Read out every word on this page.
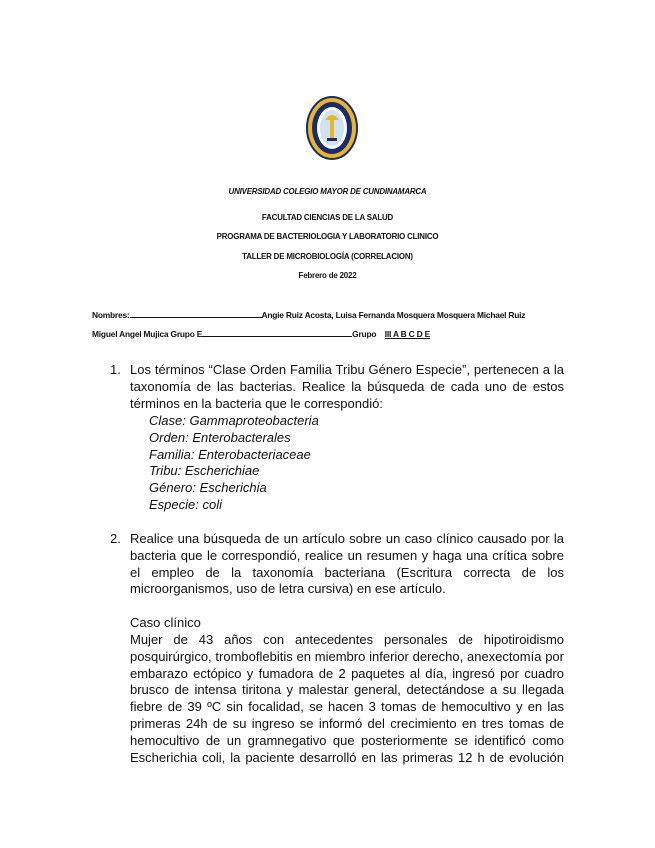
UNIVERSIDAD COLEGIO MAYOR DE CUNDINAMARCA
FACULTAD CIENCIAS DE LA SALUD
PROGRAMA DE BACTERIOLOGIA Y LABORATORIO CLINICO
TALLER DE MICROBIOLOGÍA (CORRELACION)
Febrero de 2022
Nombres:	Angie Ruiz Acosta, Luisa Fernanda Mosquera Mosquera Michael Ruiz
Miguel Angel Mujica Grupo E	Grupo III A B C D E
1. Los términos “Clase Orden Familia Tribu Género Especie”, pertenecen a la taxonomía de las bacterias. Realice la búsqueda de cada uno de estos términos en la bacteria que le correspondió:
Clase: Gammaproteobacteria
Orden: Enterobacterales
Familia: Enterobacteriaceae
Tribu: Escherichiae
Género: Escherichia
Especie: coli
2. Realice una búsqueda de un artículo sobre un caso clínico causado por la bacteria que le correspondió, realice un resumen y haga una crítica sobre el empleo de la taxonomía bacteriana (Escritura correcta de los microorganismos, uso de letra cursiva) en ese artículo.
Caso clínico
Mujer de 43 años con antecedentes personales de hipotiroidismo posquirúrgico, tromboflebitis en miembro inferior derecho, anexectomía por embarazo ectópico y fumadora de 2 paquetes al día, ingresó por cuadro brusco de intensa tiritona y malestar general, detectándose a su llegada fiebre de 39 ºC sin focalidad, se hacen 3 tomas de hemocultivo y en las primeras 24h de su ingreso se informó del crecimiento en tres tomas de hemocultivo de un gramnegativo que posteriormente se identificó como Escherichia coli, la paciente desarrolló en las primeras 12 h de evolución
